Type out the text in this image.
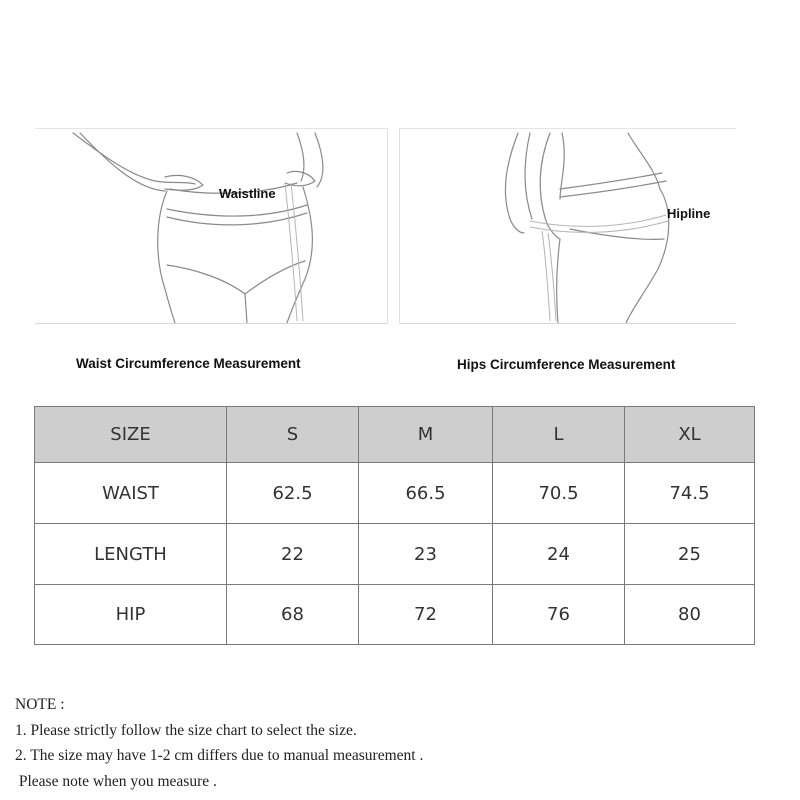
Waistline
Hipline
Waist Circumference Measurement	Hips Circumference Measurement
SIZE	S	M	L	XL
WAIST	62.5	66.5	70.5	74.5
LENGTH	22	23	24	25
HIP	68	72	76	80
NOTE :
1. Please strictly follow the size chart to select the size.
2. The size may have 1-2 cm differs due to manual measurement .
Please note when you measure .
